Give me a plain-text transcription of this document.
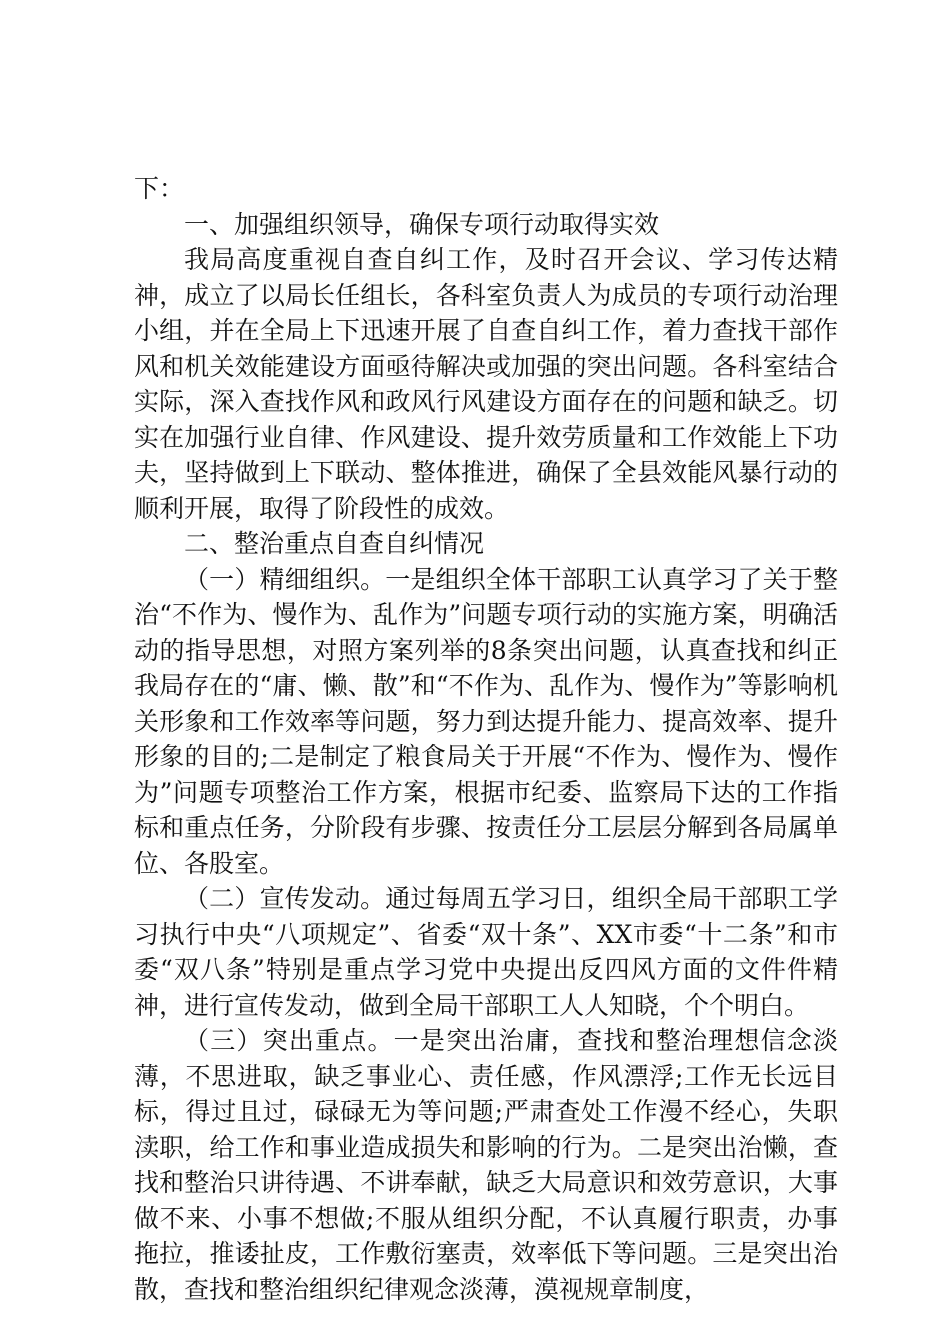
下：

一、加强组织领导，确保专项行动取得实效

我局高度重视自查自纠工作，及时召开会议、学习传达精神，成立了以局长任组长，各科室负责人为成员的专项行动治理小组，并在全局上下迅速开展了自查自纠工作，着力查找干部作风和机关效能建设方面亟待解决或加强的突出问题。各科室结合实际，深入查找作风和政风行风建设方面存在的问题和缺乏。切实在加强行业自律、作风建设、提升效劳质量和工作效能上下功夫，坚持做到上下联动、整体推进，确保了全县效能风暴行动的顺利开展，取得了阶段性的成效。

二、整治重点自查自纠情况

（一）精细组织。一是组织全体干部职工认真学习了关于整治“不作为、慢作为、乱作为”问题专项行动的实施方案，明确活动的指导思想，对照方案列举的8条突出问题，认真查找和纠正我局存在的“庸、懒、散”和“不作为、乱作为、慢作为”等影响机关形象和工作效率等问题，努力到达提升能力、提高效率、提升形象的目的;二是制定了粮食局关于开展“不作为、慢作为、慢作为”问题专项整治工作方案，根据市纪委、监察局下达的工作指标和重点任务，分阶段有步骤、按责任分工层层分解到各局属单位、各股室。

（二）宣传发动。通过每周五学习日，组织全局干部职工学习执行中央“八项规定”、省委“双十条”、XX市委“十二条”和市委“双八条”特别是重点学习党中央提出反四风方面的文件件精神，进行宣传发动，做到全局干部职工人人知晓，个个明白。

（三）突出重点。一是突出治庸，查找和整治理想信念淡薄，不思进取，缺乏事业心、责任感，作风漂浮;工作无长远目标，得过且过，碌碌无为等问题;严肃查处工作漫不经心，失职渎职，给工作和事业造成损失和影响的行为。二是突出治懒，查找和整治只讲待遇、不讲奉献，缺乏大局意识和效劳意识，大事做不来、小事不想做;不服从组织分配，不认真履行职责，办事拖拉，推诿扯皮，工作敷衍塞责，效率低下等问题。三是突出治散，查找和整治组织纪律观念淡薄，漠视规章制度，
